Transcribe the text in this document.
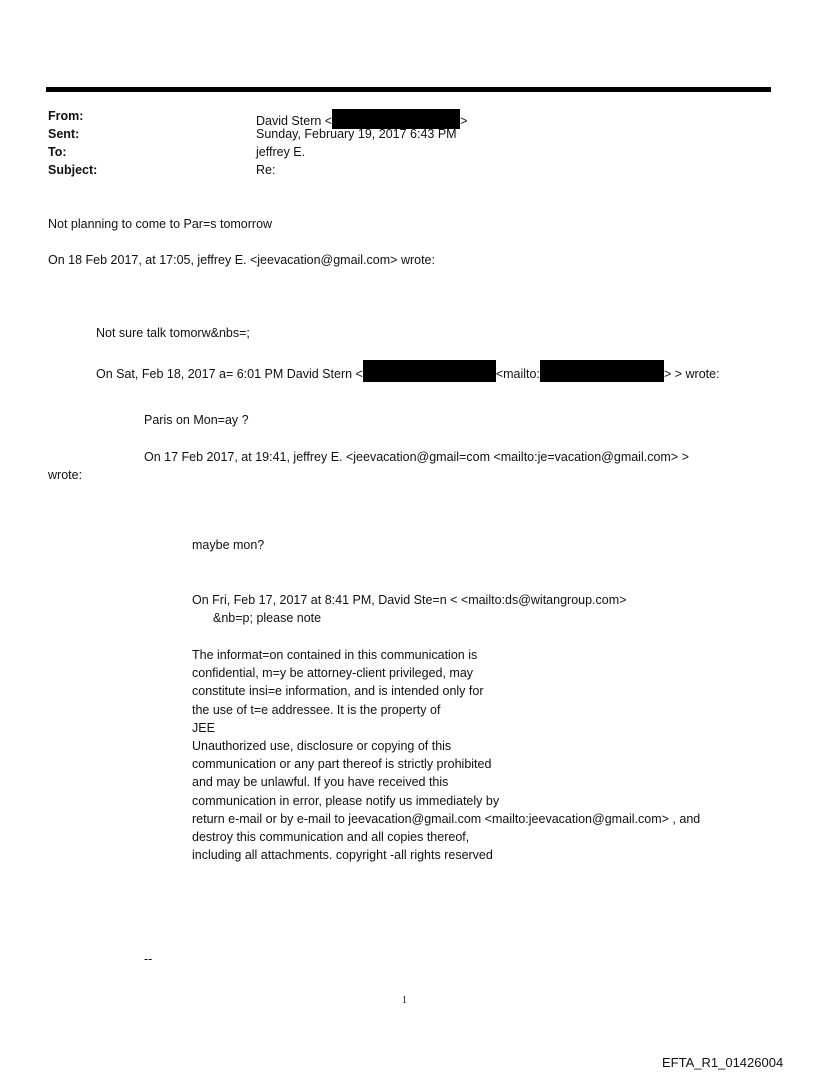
From:	David Stern <	>
Sent:	Sunday, February 19, 2017 6:43 PM
To:	jeffrey E.
Subject:	Re:
Not planning to come to Par=s tomorrow
On 18 Feb 2017, at 17:05, jeffrey E. <jeevacation@gmail.com> wrote:
Not sure talk tomorw&nbs=;
On Sat, Feb 18, 2017 a= 6:01 PM David Stern <	<mailto:	> > wrote:
Paris on Mon=ay ?
On 17 Feb 2017, at 19:41, jeffrey E. <jeevacation@gmail=com <mailto:je=vacation@gmail.com> >
wrote:
maybe mon?
On Fri, Feb 17, 2017 at 8:41 PM, David Ste=n < <mailto:ds@witangroup.com>
&nb=p; please note
The informat=on contained in this communication is
confidential, m=y be attorney-client privileged, may
constitute insi=e information, and is intended only for
the use of t=e addressee. It is the property of
JEE
Unauthorized use, disclosure or copying of this
communication or any part thereof is strictly prohibited
and may be unlawful. If you have received this
communication in error, please notify us immediately by
return e-mail or by e-mail to jeevacation@gmail.com <mailto:jeevacation@gmail.com> , and
destroy this communication and all copies thereof,
including all attachments. copyright -all rights reserved
--
1
EFTA_R1_01426004
